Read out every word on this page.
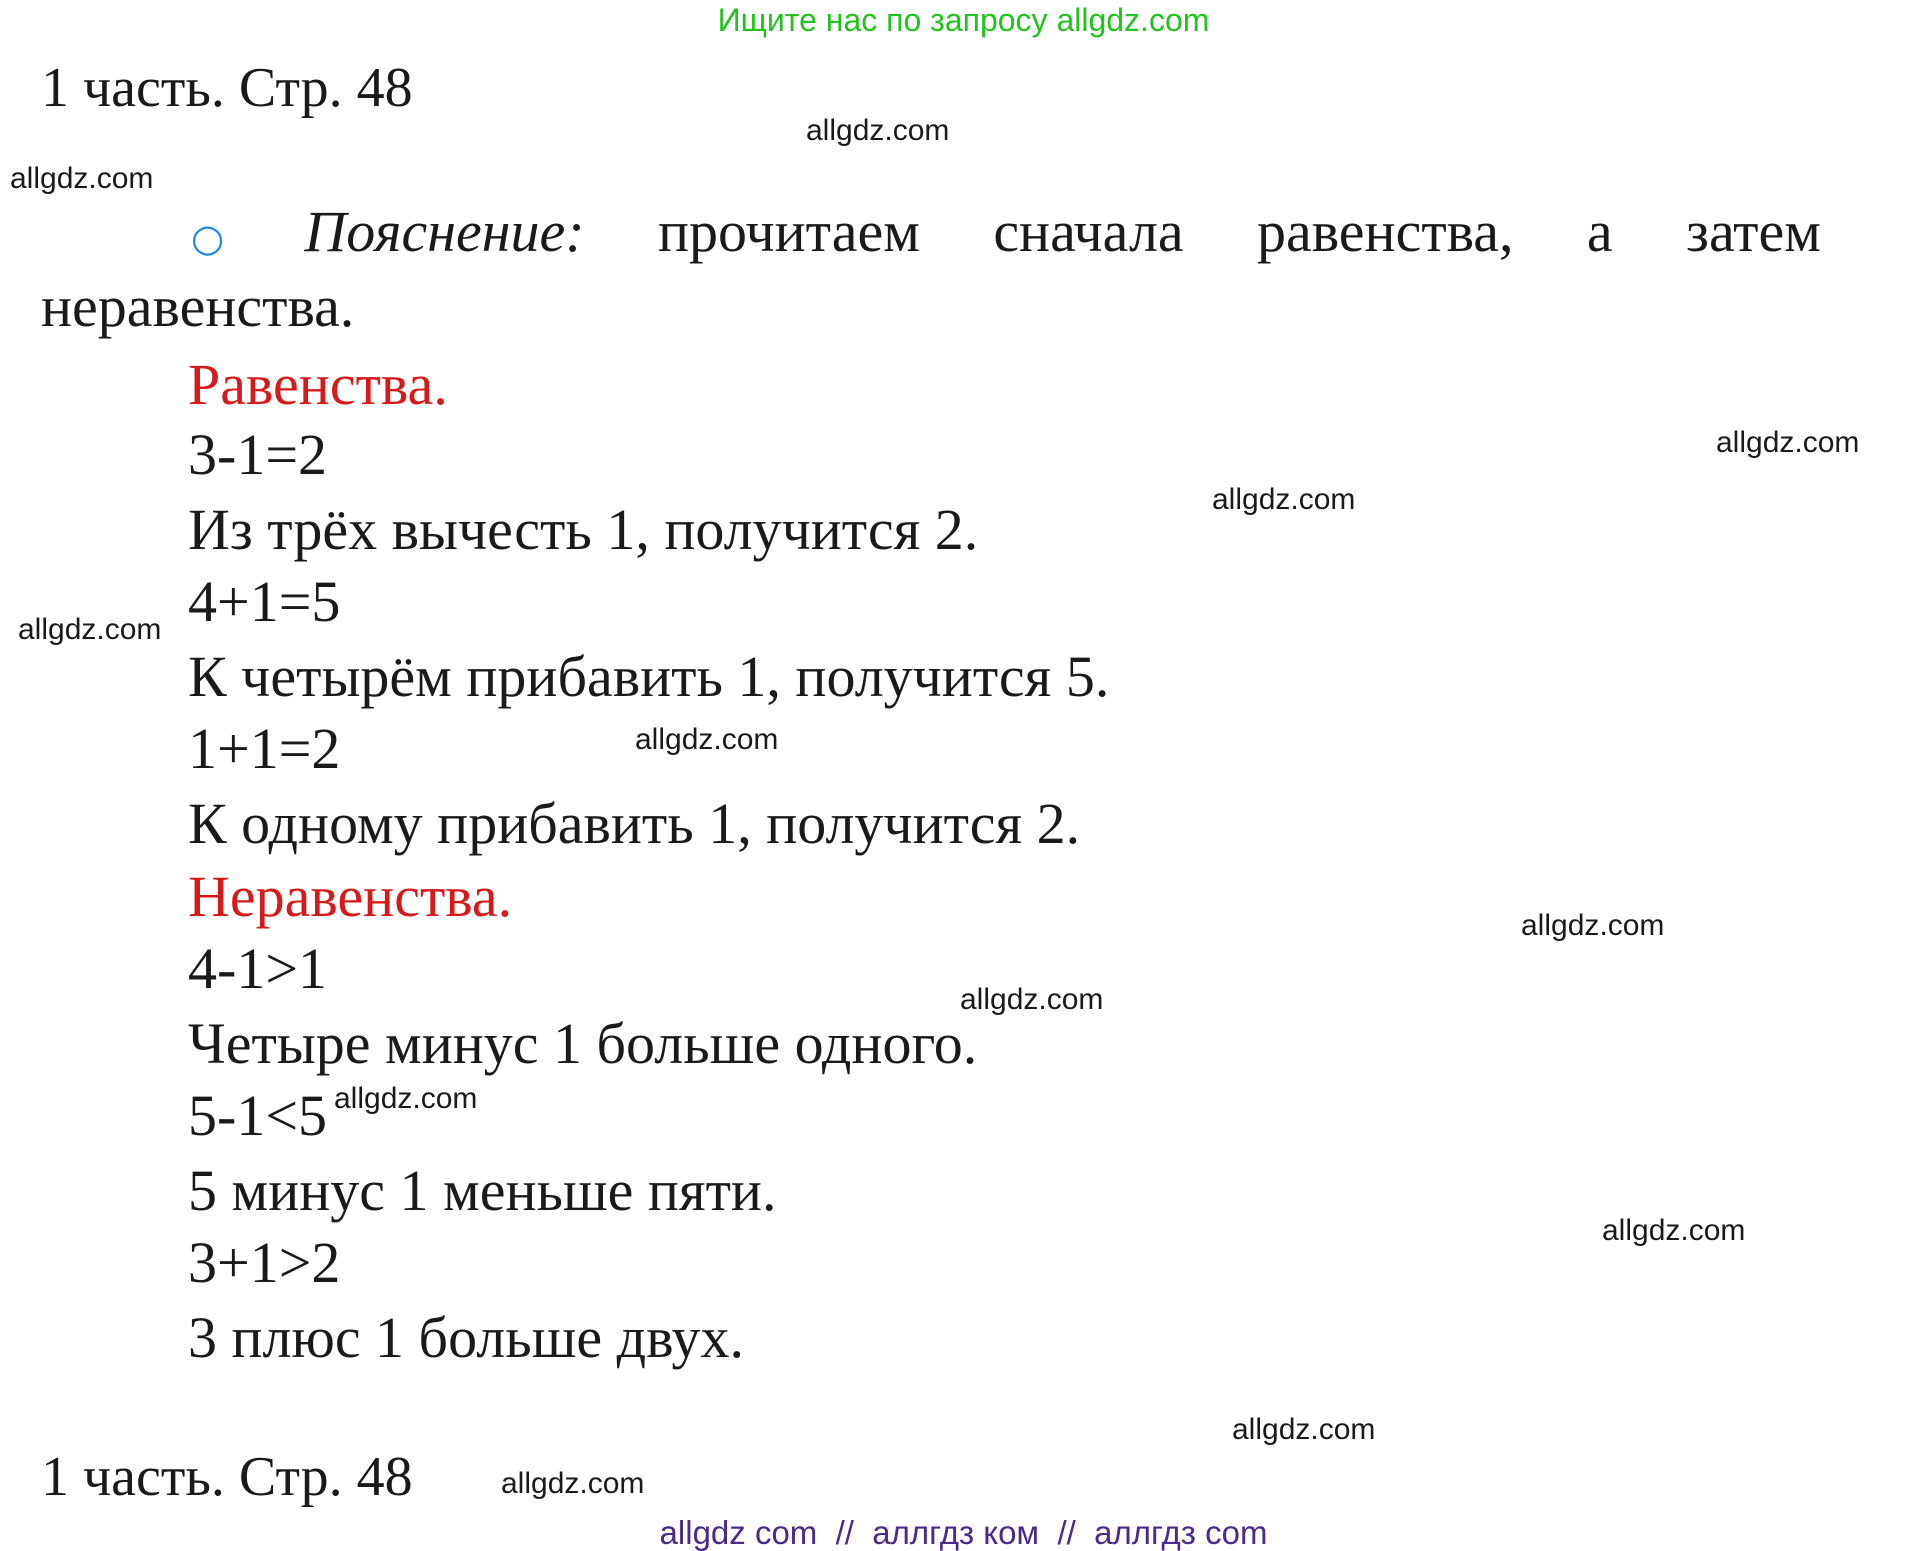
Ищите нас по запросу allgdz.com
1 часть. Стр. 48
allgdz.com
allgdz.com
allgdz.com
allgdz.com
allgdz.com
allgdz.com
allgdz.com
allgdz.com
allgdz.com
allgdz.com
allgdz.com
allgdz.com
○ Пояснение: прочитаем сначала равенства, а затем
неравенства.
Равенства.
3-1=2
Из трёх вычесть 1, получится 2.
4+1=5
К четырём прибавить 1, получится 5.
1+1=2
К одному прибавить 1, получится 2.
Неравенства.
4-1>1
Четыре минус 1 больше одного.
5-1<5
5 минус 1 меньше пяти.
3+1>2
3 плюс 1 больше двух.
1 часть. Стр. 48
allgdz com  //  аллгдз ком  //  аллгдз com
